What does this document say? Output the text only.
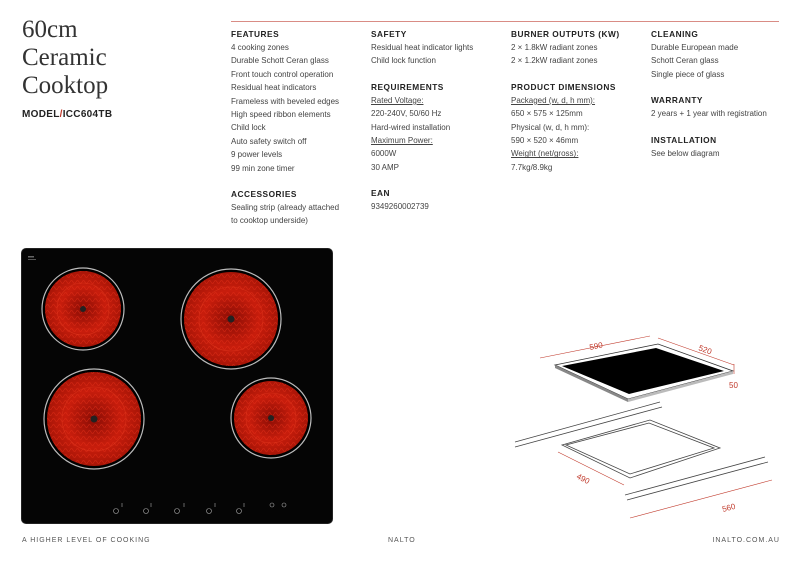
60cm
Ceramic
Cooktop
MODEL/ICC604TB
FEATURES
4 cooking zones
Durable Schott Ceran glass
Front touch control operation
Residual heat indicators
Frameless with beveled edges
High speed ribbon elements
Child lock
Auto safety switch off
9 power levels
99 min zone timer
ACCESSORIES
Sealing strip (already attached
to cooktop underside)
SAFETY
Residual heat indicator lights
Child lock function
REQUIREMENTS
Rated Voltage:
220-240V, 50/60 Hz
Hard-wired installation
Maximum Power:
6000W
30 AMP
EAN
9349260002739
BURNER OUTPUTS (KW)
2 × 1.8kW radiant zones
2 × 1.2kW radiant zones
PRODUCT DIMENSIONS
Packaged (w, d, h mm):
650 × 575 × 125mm
Physical (w, d, h mm):
590 × 520 × 46mm
Weight (net/gross):
7.7kg/8.9kg
CLEANING
Durable European made
Schott Ceran glass
Single piece of glass
WARRANTY
2 years + 1 year with registration
INSTALLATION
See below diagram
590	520
50
490
560
A HIGHER LEVEL OF COOKING	NALTO	INALTO.COM.AU
